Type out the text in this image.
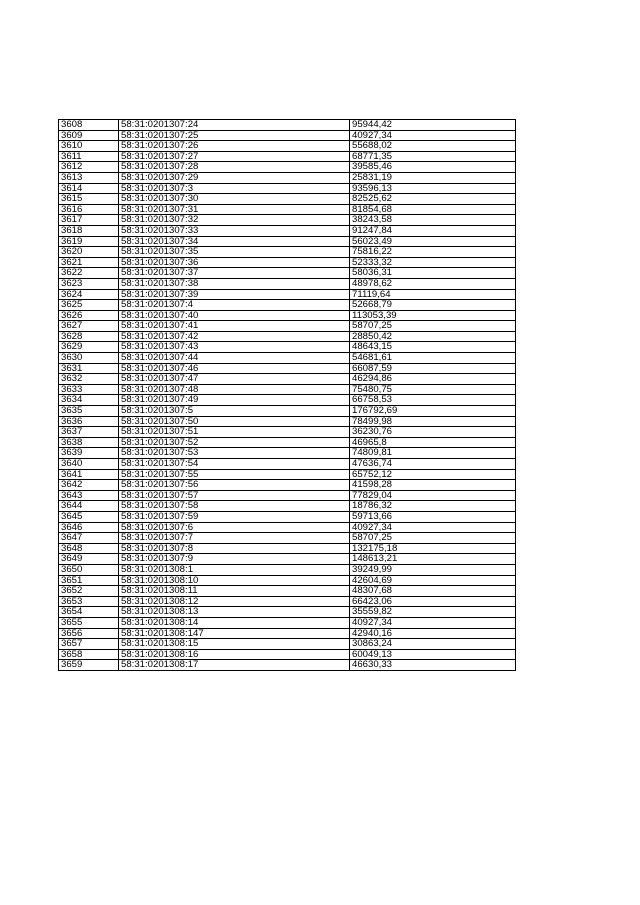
3608	58:31:0201307:24	95944,42
3609	58:31:0201307:25	40927,34
3610	58:31:0201307:26	55688,02
3611	58:31:0201307:27	68771,35
3612	58:31:0201307:28	39585,46
3613	58:31:0201307:29	25831,19
3614	58:31:0201307:3	93596,13
3615	58:31:0201307:30	82525,62
3616	58:31:0201307:31	81854,68
3617	58:31:0201307:32	38243,58
3618	58:31:0201307:33	91247,84
3619	58:31:0201307:34	56023,49
3620	58:31:0201307:35	75816,22
3621	58:31:0201307:36	52333,32
3622	58:31:0201307:37	58036,31
3623	58:31:0201307:38	48978,62
3624	58:31:0201307:39	71119,64
3625	58:31:0201307:4	52668,79
3626	58:31:0201307:40	113053,39
3627	58:31:0201307:41	58707,25
3628	58:31:0201307:42	28850,42
3629	58:31:0201307:43	48643,15
3630	58:31:0201307:44	54681,61
3631	58:31:0201307:46	66087,59
3632	58:31:0201307:47	46294,86
3633	58:31:0201307:48	75480,75
3634	58:31:0201307:49	66758,53
3635	58:31:0201307:5	176792,69
3636	58:31:0201307:50	78499,98
3637	58:31:0201307:51	36230,76
3638	58:31:0201307:52	46965,8
3639	58:31:0201307:53	74809,81
3640	58:31:0201307:54	47636,74
3641	58:31:0201307:55	65752,12
3642	58:31:0201307:56	41598,28
3643	58:31:0201307:57	77829,04
3644	58:31:0201307:58	18786,32
3645	58:31:0201307:59	59713,66
3646	58:31:0201307:6	40927,34
3647	58:31:0201307:7	58707,25
3648	58:31:0201307:8	132175,18
3649	58:31:0201307:9	148613,21
3650	58:31:0201308:1	39249,99
3651	58:31:0201308:10	42604,69
3652	58:31:0201308:11	48307,68
3653	58:31:0201308:12	66423,06
3654	58:31:0201308:13	35559,82
3655	58:31:0201308:14	40927,34
3656	58:31:0201308:147	42940,16
3657	58:31:0201308:15	30863,24
3658	58:31:0201308:16	60049,13
3659	58:31:0201308:17	46630,33
